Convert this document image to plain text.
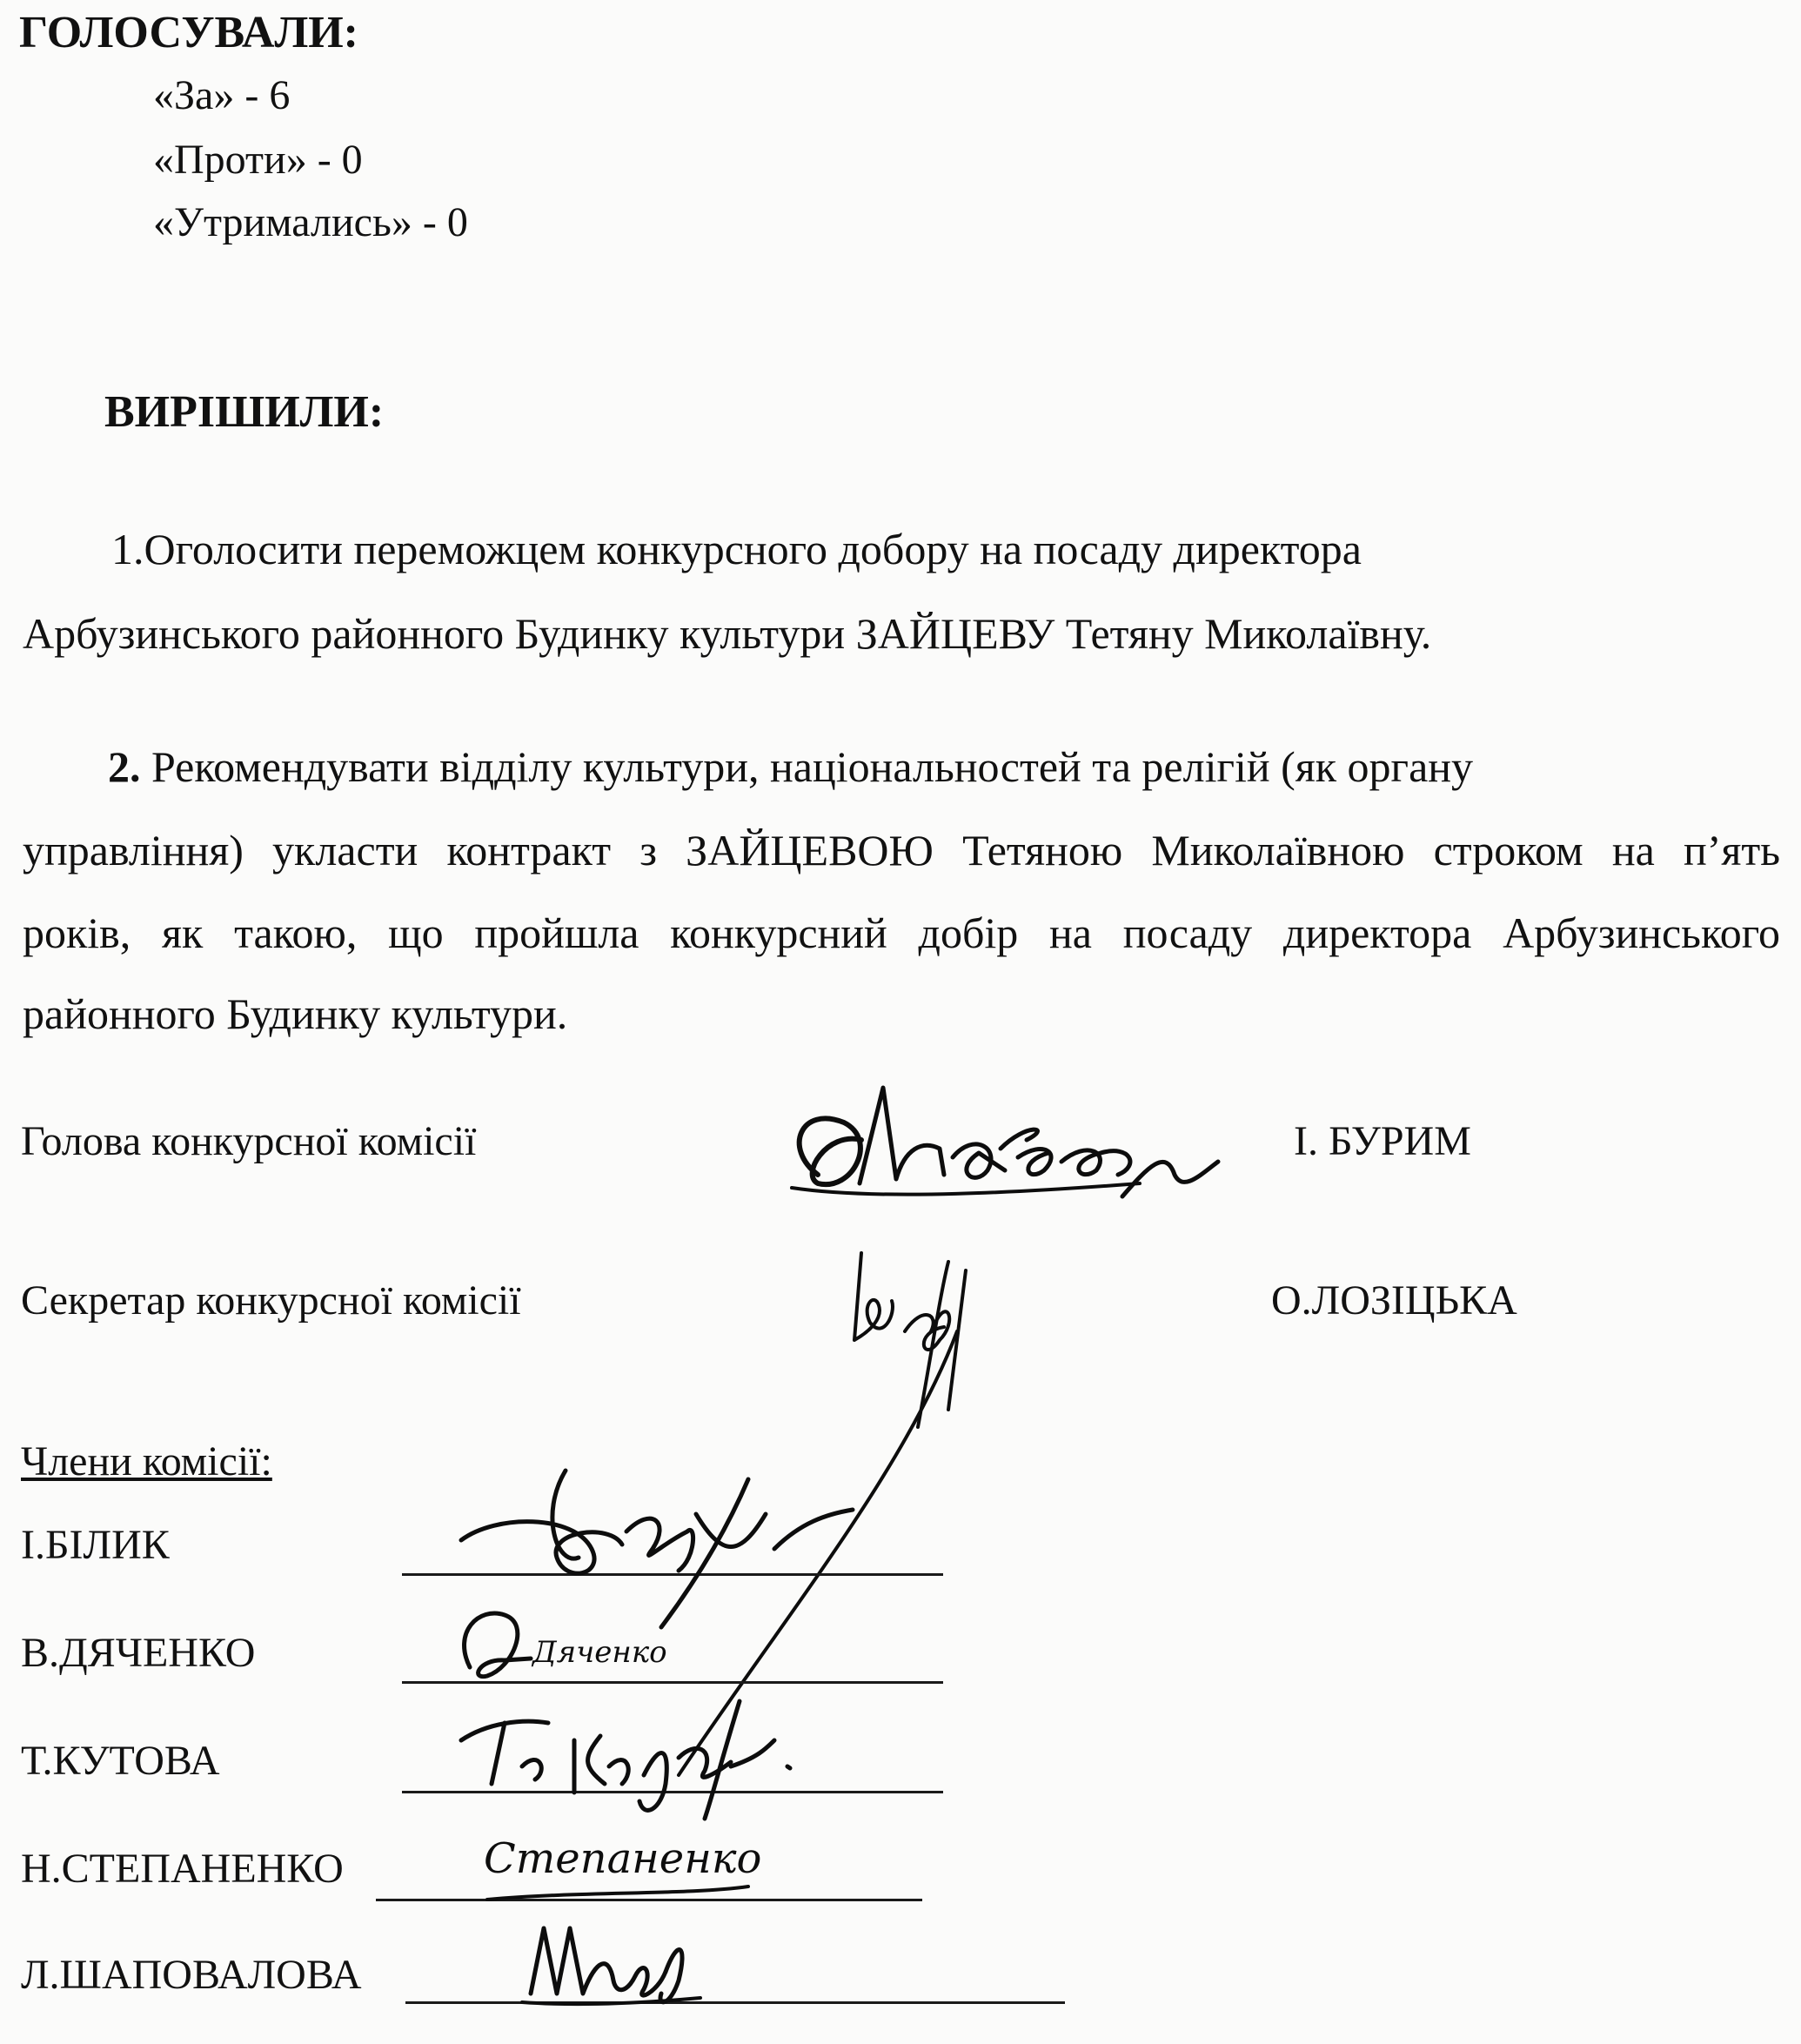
ГОЛОСУВАЛИ:
«За» - 6
«Проти» - 0
«Утримались» - 0
ВИРІШИЛИ:
1.Оголосити переможцем конкурсного добору на посаду директора
Арбузинського районного Будинку культури ЗАЙЦЕВУ Тетяну Миколаївну.
2. Рекомендувати відділу культури, національностей та релігій (як органу
управління) укласти контракт з ЗАЙЦЕВОЮ Тетяною Миколаївною строком на п’ять
років, як такою, що пройшла конкурсний добір на посаду директора Арбузинського
районного Будинку культури.
Голова конкурсної комісії	І. БУРИМ
Секретар конкурсної комісії	О.ЛОЗІЦЬКА
Члени комісії:
І.БІЛИК
В.ДЯЧЕНКО	Дяченко
Т.КУТОВА
Н.СТЕПАНЕНКО	Степаненко
Л.ШАПОВАЛОВА
